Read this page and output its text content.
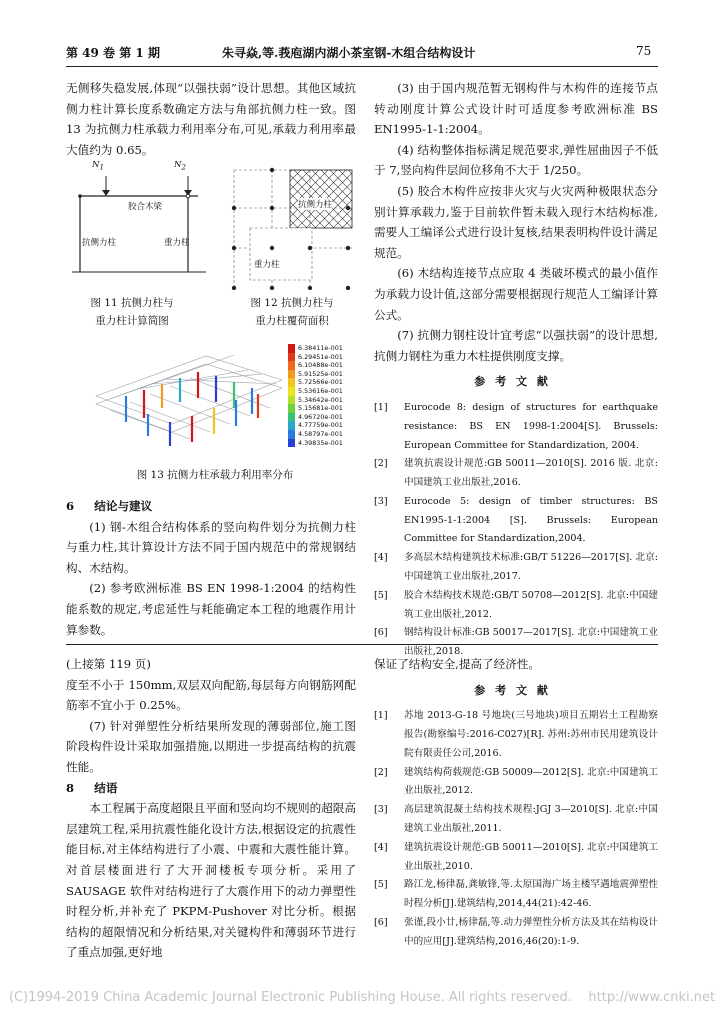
第 49 卷 第 1 期	朱寻焱,等.莪庖湖内湖小茶室钢-木组合结构设计	75

无侧移失稳发展,体现“以强扶弱”设计思想。其他区域抗侧力柱计算长度系数确定方法与角部抗侧力柱一致。图 13 为抗侧力柱承载力利用率分布,可见,承载力利用率最大值约为 0.65。

$N_1$	$N_2$
胶合木梁
抗侧力柱	重力柱
图 11 抗侧力柱与
重力柱计算简图
抗侧力柱
重力柱
图 12 抗侧力柱与
重力柱覆荷面积
6.38411e-001
6.29451e-001
6.10488e-001
5.91525e-001
5.72566e-001
5.53616e-001
5.34642e-001
5.15681e-001
4.96720e-001
4.77759e-001
4.58797e-001
4.39835e-001
图 13 抗侧力柱承载力利用率分布

6 结论与建议

(1) 钢-木组合结构体系的竖向构件划分为抗侧力柱与重力柱,其计算设计方法不同于国内规范中的常规钢结构、木结构。

(2) 参考欧洲标准 BS EN 1998-1:2004 的结构性能系数的规定,考虑延性与耗能确定本工程的地震作用计算参数。

(3) 由于国内规范暂无钢构件与木构件的连接节点转动刚度计算公式设计时可适度参考欧洲标准 BS EN1995-1-1:2004。

(4) 结构整体指标满足规范要求,弹性屈曲因子不低于 7,竖向构件层间位移角不大于 1/250。

(5) 胶合木构件应按非火灾与火灾两种极限状态分别计算承载力,鉴于目前软件暂未载入现行木结构标准,需要人工编译公式进行设计复核,结果表明构件设计满足规范。

(6) 木结构连接节点应取 4 类破坏模式的最小值作为承载力设计值,这部分需要根据现行规范人工编译计算公式。

(7) 抗侧力钢柱设计宜考虑“以强扶弱”的设计思想,抗侧力钢柱为重力木柱提供刚度支撑。

参考文献
[1]	Eurocode 8: design of structures for earthquake resistance: BS EN 1998-1:2004[S]. Brussels: European Committee for Standardization, 2004.
[2]	建筑抗震设计规范:GB 50011—2010[S]. 2016 版. 北京:中国建筑工业出版社,2016.
[3]	Eurocode 5: design of timber structures: BS EN1995-1-1:2004 [S]. Brussels: European Committee for Standardization,2004.
[4]	多高层木结构建筑技术标准:GB/T 51226—2017[S]. 北京:中国建筑工业出版社,2017.
[5]	胶合木结构技术规范:GB/T 50708—2012[S]. 北京:中国建筑工业出版社,2012.
[6]	钢结构设计标准:GB 50017—2017[S]. 北京:中国建筑工业出版社,2018.

(上接第 119 页)

度至不小于 150mm,双层双向配筋,每层每方向钢筋网配筋率不宜小于 0.25%。

(7) 针对弹塑性分析结果所发现的薄弱部位,施工图阶段构件设计采取加强措施,以期进一步提高结构的抗震性能。

8 结语

本工程属于高度超限且平面和竖向均不规则的超限高层建筑工程,采用抗震性能化设计方法,根据设定的抗震性能目标,对主体结构进行了小震、中震和大震性能计算。对首层楼面进行了大开洞楼板专项分析。采用了 SAUSAGE 软件对结构进行了大震作用下的动力弹塑性时程分析,并补充了 PKPM-Pushover 对比分析。根据结构的超限情况和分析结果,对关键构件和薄弱环节进行了重点加强,更好地

保证了结构安全,提高了经济性。

参考文献
[1]	苏地 2013-G-18 号地块(三号地块)项目五期岩土工程勘察报告(勘察编号:2016-C027)[R]. 苏州:苏州市民用建筑设计院有限责任公司,2016.
[2]	建筑结构荷载规范:GB 50009—2012[S]. 北京:中国建筑工业出版社,2012.
[3]	高层建筑混凝土结构技术规程:JGJ 3—2010[S]. 北京:中国建筑工业出版社,2011.
[4]	建筑抗震设计规范:GB 50011—2010[S]. 北京:中国建筑工业出版社,2010.
[5]	路江龙,杨律磊,龚敏锋,等.太原国海广场主楼罕遇地震弹塑性时程分析[J].建筑结构,2014,44(21):42-46.
[6]	张谨,段小廿,杨律磊,等.动力弹塑性分析方法及其在结构设计中的应用[J].建筑结构,2016,46(20):1-9.
(C)1994-2019 China Academic Journal Electronic Publishing House. All rights reserved. http://www.cnki.net
